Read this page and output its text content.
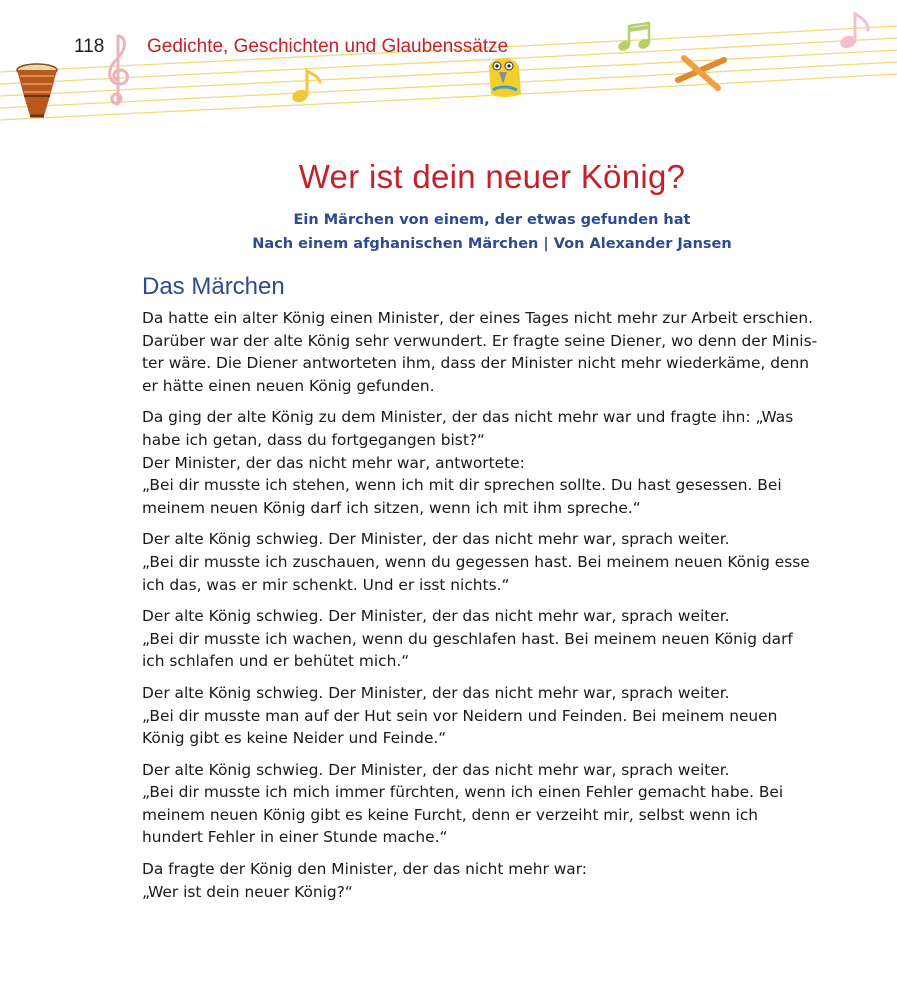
118 Gedichte, Geschichten und Glaubenssätze
Wer ist dein neuer König?

Ein Märchen von einem, der etwas gefunden hat
Nach einem afghanischen Märchen | Von Alexander Jansen

Das Märchen

Da hatte ein alter König einen Minister, der eines Tages nicht mehr zur Arbeit erschien.
Darüber war der alte König sehr verwundert. Er fragte seine Diener, wo denn der Minis-
ter wäre. Die Diener antworteten ihm, dass der Minister nicht mehr wiederkäme, denn
er hätte einen neuen König gefunden.

Da ging der alte König zu dem Minister, der das nicht mehr war und fragte ihn: „Was
habe ich getan, dass du fortgegangen bist?“
Der Minister, der das nicht mehr war, antwortete:
„Bei dir musste ich stehen, wenn ich mit dir sprechen sollte. Du hast gesessen. Bei
meinem neuen König darf ich sitzen, wenn ich mit ihm spreche.“

Der alte König schwieg. Der Minister, der das nicht mehr war, sprach weiter.
„Bei dir musste ich zuschauen, wenn du gegessen hast. Bei meinem neuen König esse
ich das, was er mir schenkt. Und er isst nichts.“

Der alte König schwieg. Der Minister, der das nicht mehr war, sprach weiter.
„Bei dir musste ich wachen, wenn du geschlafen hast. Bei meinem neuen König darf
ich schlafen und er behütet mich.“

Der alte König schwieg. Der Minister, der das nicht mehr war, sprach weiter.
„Bei dir musste man auf der Hut sein vor Neidern und Feinden. Bei meinem neuen
König gibt es keine Neider und Feinde.“

Der alte König schwieg. Der Minister, der das nicht mehr war, sprach weiter.
„Bei dir musste ich mich immer fürchten, wenn ich einen Fehler gemacht habe. Bei
meinem neuen König gibt es keine Furcht, denn er verzeiht mir, selbst wenn ich
hundert Fehler in einer Stunde mache.“

Da fragte der König den Minister, der das nicht mehr war:
„Wer ist dein neuer König?“
